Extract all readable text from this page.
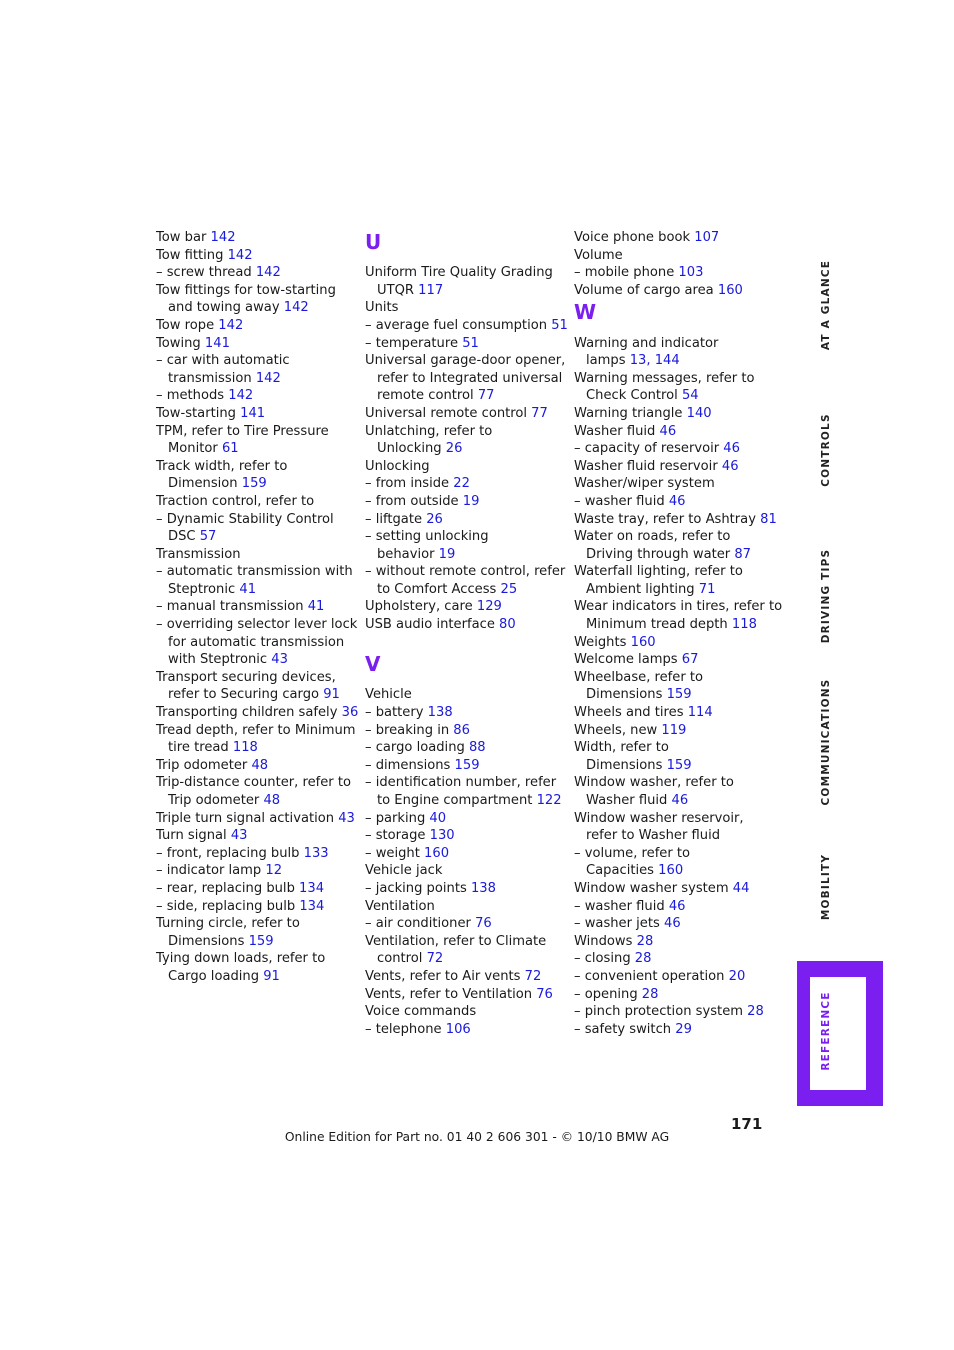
Tow bar 142
Tow fitting 142
– screw thread 142
Tow fittings for tow-starting
and towing away 142
Tow rope 142
Towing 141
– car with automatic
transmission 142
– methods 142
Tow-starting 141
TPM, refer to Tire Pressure
Monitor 61
Track width, refer to
Dimension 159
Traction control, refer to
– Dynamic Stability Control
DSC 57
Transmission
– automatic transmission with
Steptronic 41
– manual transmission 41
– overriding selector lever lock
for automatic transmission
with Steptronic 43
Transport securing devices,
refer to Securing cargo 91
Transporting children safely 36
Tread depth, refer to Minimum
tire tread 118
Trip odometer 48
Trip-distance counter, refer to
Trip odometer 48
Triple turn signal activation 43
Turn signal 43
– front, replacing bulb 133
– indicator lamp 12
– rear, replacing bulb 134
– side, replacing bulb 134
Turning circle, refer to
Dimensions 159
Tying down loads, refer to
Cargo loading 91
U
Uniform Tire Quality Grading
UTQR 117
Units
– average fuel consumption 51
– temperature 51
Universal garage-door opener,
refer to Integrated universal
remote control 77
Universal remote control 77
Unlatching, refer to
Unlocking 26
Unlocking
– from inside 22
– from outside 19
– liftgate 26
– setting unlocking
behavior 19
– without remote control, refer
to Comfort Access 25
Upholstery, care 129
USB audio interface 80
V
Vehicle
– battery 138
– breaking in 86
– cargo loading 88
– dimensions 159
– identification number, refer
to Engine compartment 122
– parking 40
– storage 130
– weight 160
Vehicle jack
– jacking points 138
Ventilation
– air conditioner 76
Ventilation, refer to Climate
control 72
Vents, refer to Air vents 72
Vents, refer to Ventilation 76
Voice commands
– telephone 106
Voice phone book 107
Volume
– mobile phone 103
Volume of cargo area 160
W
Warning and indicator
lamps 13, 144
Warning messages, refer to
Check Control 54
Warning triangle 140
Washer fluid 46
– capacity of reservoir 46
Washer fluid reservoir 46
Washer/wiper system
– washer fluid 46
Waste tray, refer to Ashtray 81
Water on roads, refer to
Driving through water 87
Waterfall lighting, refer to
Ambient lighting 71
Wear indicators in tires, refer to
Minimum tread depth 118
Weights 160
Welcome lamps 67
Wheelbase, refer to
Dimensions 159
Wheels and tires 114
Wheels, new 119
Width, refer to
Dimensions 159
Window washer, refer to
Washer fluid 46
Window washer reservoir,
refer to Washer fluid
– volume, refer to
Capacities 160
Window washer system 44
– washer fluid 46
– washer jets 46
Windows 28
– closing 28
– convenient operation 20
– opening 28
– pinch protection system 28
– safety switch 29
AT A GLANCE
CONTROLS
DRIVING TIPS
COMMUNICATIONS
MOBILITY
REFERENCE
171
Online Edition for Part no. 01 40 2 606 301 - © 10/10 BMW AG
